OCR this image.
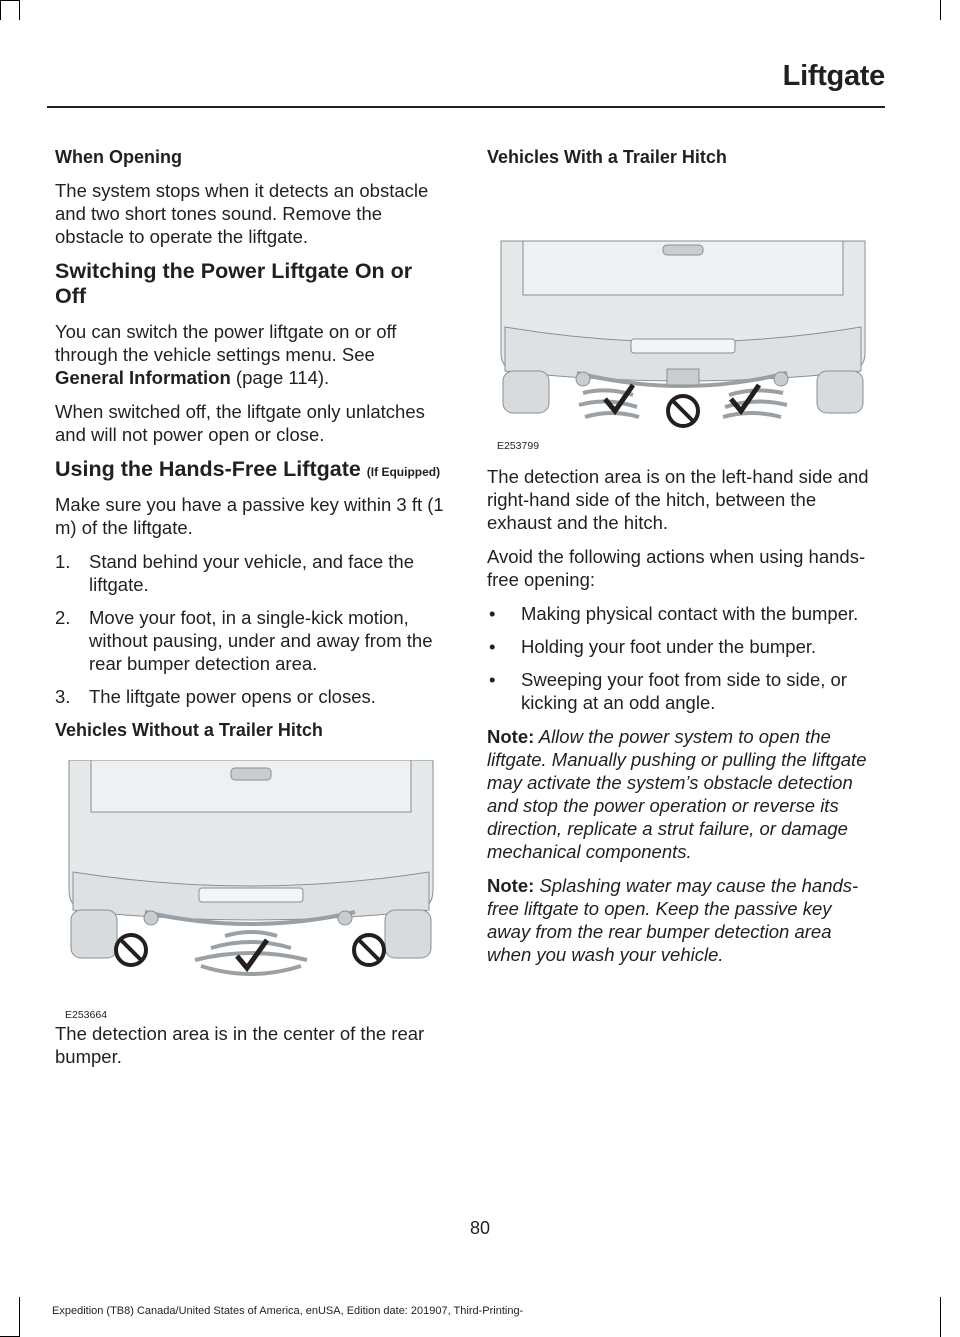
Liftgate
When Opening

The system stops when it detects an obstacle and two short tones sound. Remove the obstacle to operate the liftgate.

Switching the Power Liftgate On or Off

You can switch the power liftgate on or off through the vehicle settings menu. See General Information (page 114).

When switched off, the liftgate only unlatches and will not power open or close.

Using the Hands-Free Liftgate (If Equipped)

Make sure you have a passive key within 3 ft (1 m) of the liftgate.

1. Stand behind your vehicle, and face the liftgate.
2. Move your foot, in a single-kick motion, without pausing, under and away from the rear bumper detection area.
3. The liftgate power opens or closes.
Vehicles Without a Trailer Hitch
E253664

The detection area is in the center of the rear bumper.

Vehicles With a Trailer Hitch
E253799

The detection area is on the left-hand side and right-hand side of the hitch, between the exhaust and the hitch.

Avoid the following actions when using hands-free opening:

• Making physical contact with the bumper.
• Holding your foot under the bumper.
• Sweeping your foot from side to side, or kicking at an odd angle.

Note: Allow the power system to open the liftgate. Manually pushing or pulling the liftgate may activate the system’s obstacle detection and stop the power operation or reverse its direction, replicate a strut failure, or damage mechanical components.

Note: Splashing water may cause the hands-free liftgate to open. Keep the passive key away from the rear bumper detection area when you wash your vehicle.

80
Expedition (TB8) Canada/United States of America, enUSA, Edition date: 201907, Third-Printing-
